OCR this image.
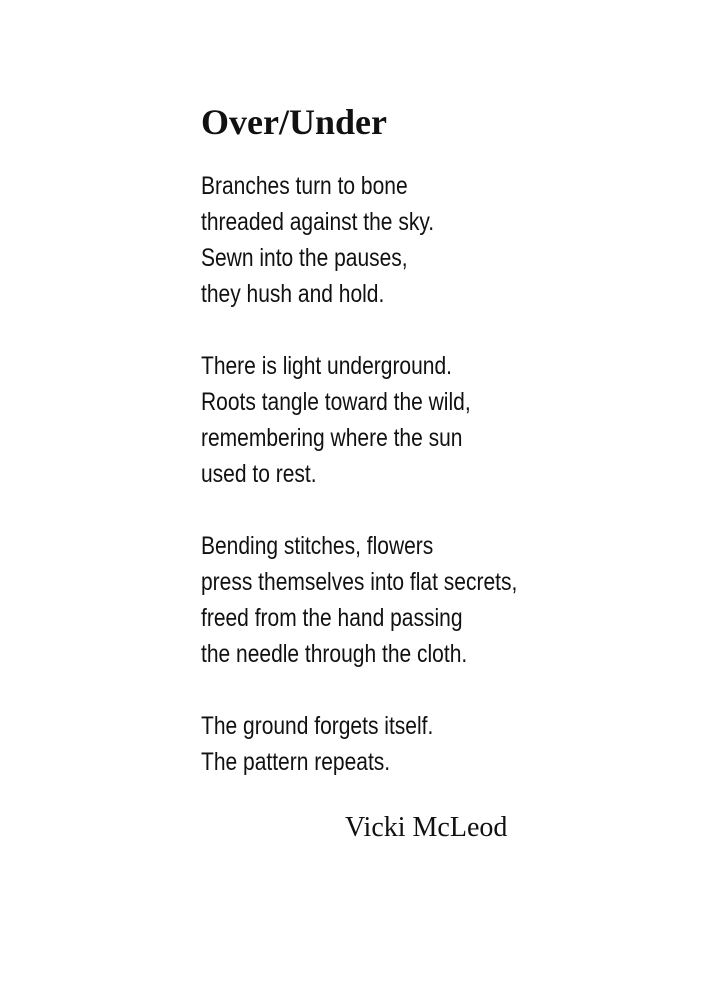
Over/Under
Branches turn to bone
threaded against the sky.
Sewn into the pauses,
they hush and hold.
There is light underground.
Roots tangle toward the wild,
remembering where the sun
used to rest.
Bending stitches, flowers
press themselves into flat secrets,
freed from the hand passing
the needle through the cloth.
The ground forgets itself.
The pattern repeats.

Vicki McLeod
